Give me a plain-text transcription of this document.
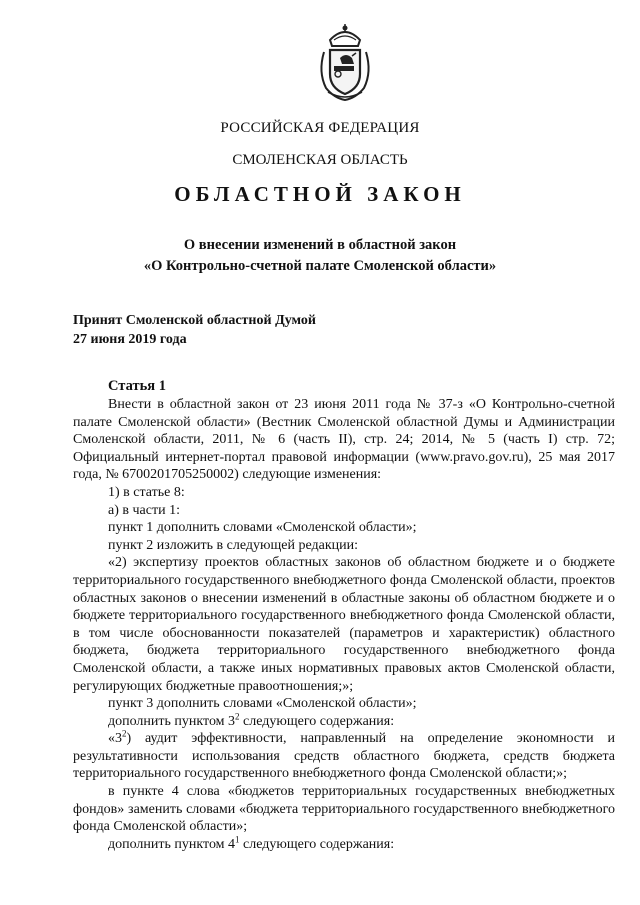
РОССИЙСКАЯ ФЕДЕРАЦИЯ
СМОЛЕНСКАЯ ОБЛАСТЬ
ОБЛАСТНОЙ ЗАКОН
О внесении изменений в областной закон
«О Контрольно-счетной палате Смоленской области»
Принят Смоленской областной Думой
27 июня 2019 года
Статья 1

Внести в областной закон от 23 июня 2011 года № 37-з «О Контрольно-счетной палате Смоленской области» (Вестник Смоленской областной Думы и Администрации Смоленской области, 2011, № 6 (часть II), стр. 24; 2014, № 5 (часть I) стр. 72; Официальный интернет-портал правовой информации (www.pravo.gov.ru), 25 мая 2017 года, № 6700201705250002) следующие изменения:

1) в статье 8:

а) в части 1:

пункт 1 дополнить словами «Смоленской области»;

пункт 2 изложить в следующей редакции:

«2) экспертизу проектов областных законов об областном бюджете и о бюджете территориального государственного внебюджетного фонда Смоленской области, проектов областных законов о внесении изменений в областные законы об областном бюджете и о бюджете территориального государственного внебюджетного фонда Смоленской области, в том числе обоснованности показателей (параметров и характеристик) областного бюджета, бюджета территориального государственного внебюджетного фонда Смоленской области, а также иных нормативных правовых актов Смоленской области, регулирующих бюджетные правоотношения;»;

пункт 3 дополнить словами «Смоленской области»;

дополнить пунктом $3^2$ следующего содержания:

«$3^2$) аудит эффективности, направленный на определение экономности и результативности использования средств областного бюджета, средств бюджета территориального государственного внебюджетного фонда Смоленской области;»;

в пункте 4 слова «бюджетов территориальных государственных внебюджетных фондов» заменить словами «бюджета территориального государственного внебюджетного фонда Смоленской области»;

дополнить пунктом $4^1$ следующего содержания:
